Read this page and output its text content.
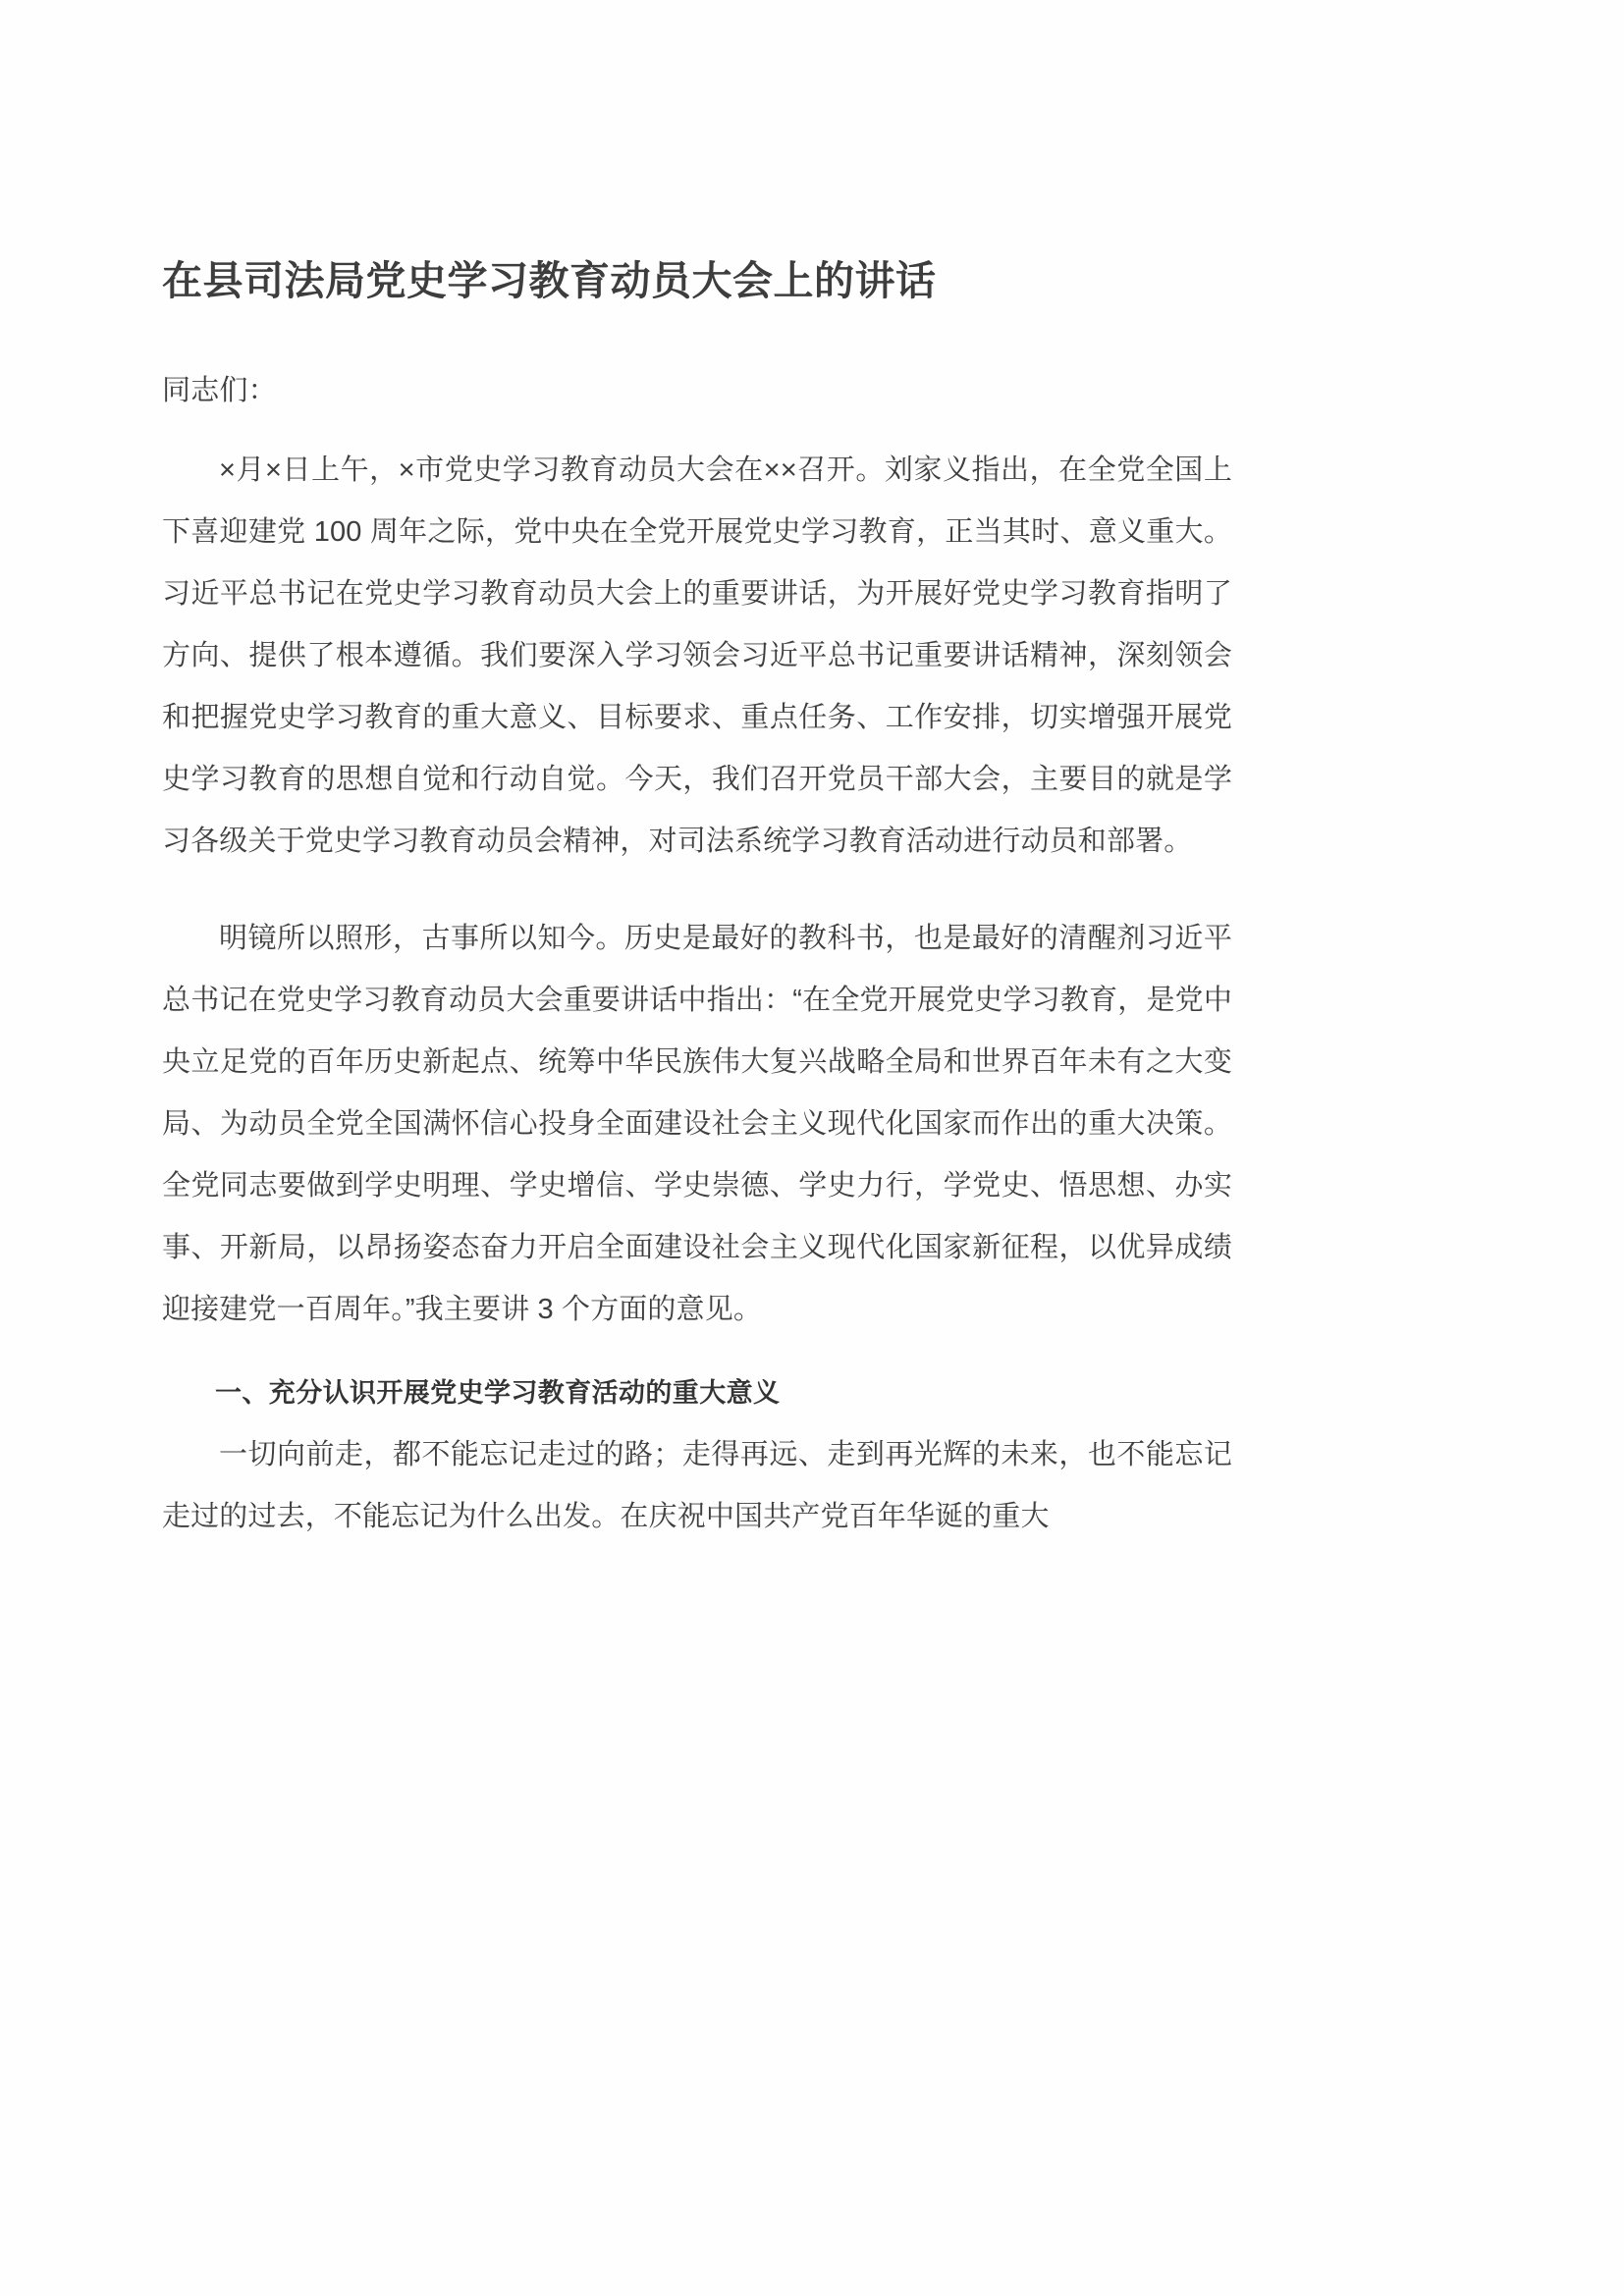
在县司法局党史学习教育动员大会上的讲话
同志们：

×月×日上午，×市党史学习教育动员大会在××召开。刘家义指出，在全党全国上下喜迎建党 100 周年之际，党中央在全党开展党史学习教育，正当其时、意义重大。习近平总书记在党史学习教育动员大会上的重要讲话，为开展好党史学习教育指明了方向、提供了根本遵循。我们要深入学习领会习近平总书记重要讲话精神，深刻领会和把握党史学习教育的重大意义、目标要求、重点任务、工作安排，切实增强开展党史学习教育的思想自觉和行动自觉。今天，我们召开党员干部大会，主要目的就是学习各级关于党史学习教育动员会精神，对司法系统学习教育活动进行动员和部署。

明镜所以照形，古事所以知今。历史是最好的教科书，也是最好的清醒剂习近平总书记在党史学习教育动员大会重要讲话中指出：“在全党开展党史学习教育，是党中央立足党的百年历史新起点、统筹中华民族伟大复兴战略全局和世界百年未有之大变局、为动员全党全国满怀信心投身全面建设社会主义现代化国家而作出的重大决策。全党同志要做到学史明理、学史增信、学史崇德、学史力行，学党史、悟思想、办实事、开新局，以昂扬姿态奋力开启全面建设社会主义现代化国家新征程，以优异成绩迎接建党一百周年。”我主要讲 3 个方面的意见。

一、充分认识开展党史学习教育活动的重大意义

一切向前走，都不能忘记走过的路；走得再远、走到再光辉的未来，也不能忘记走过的过去，不能忘记为什么出发。在庆祝中国共产党百年华诞的重大
